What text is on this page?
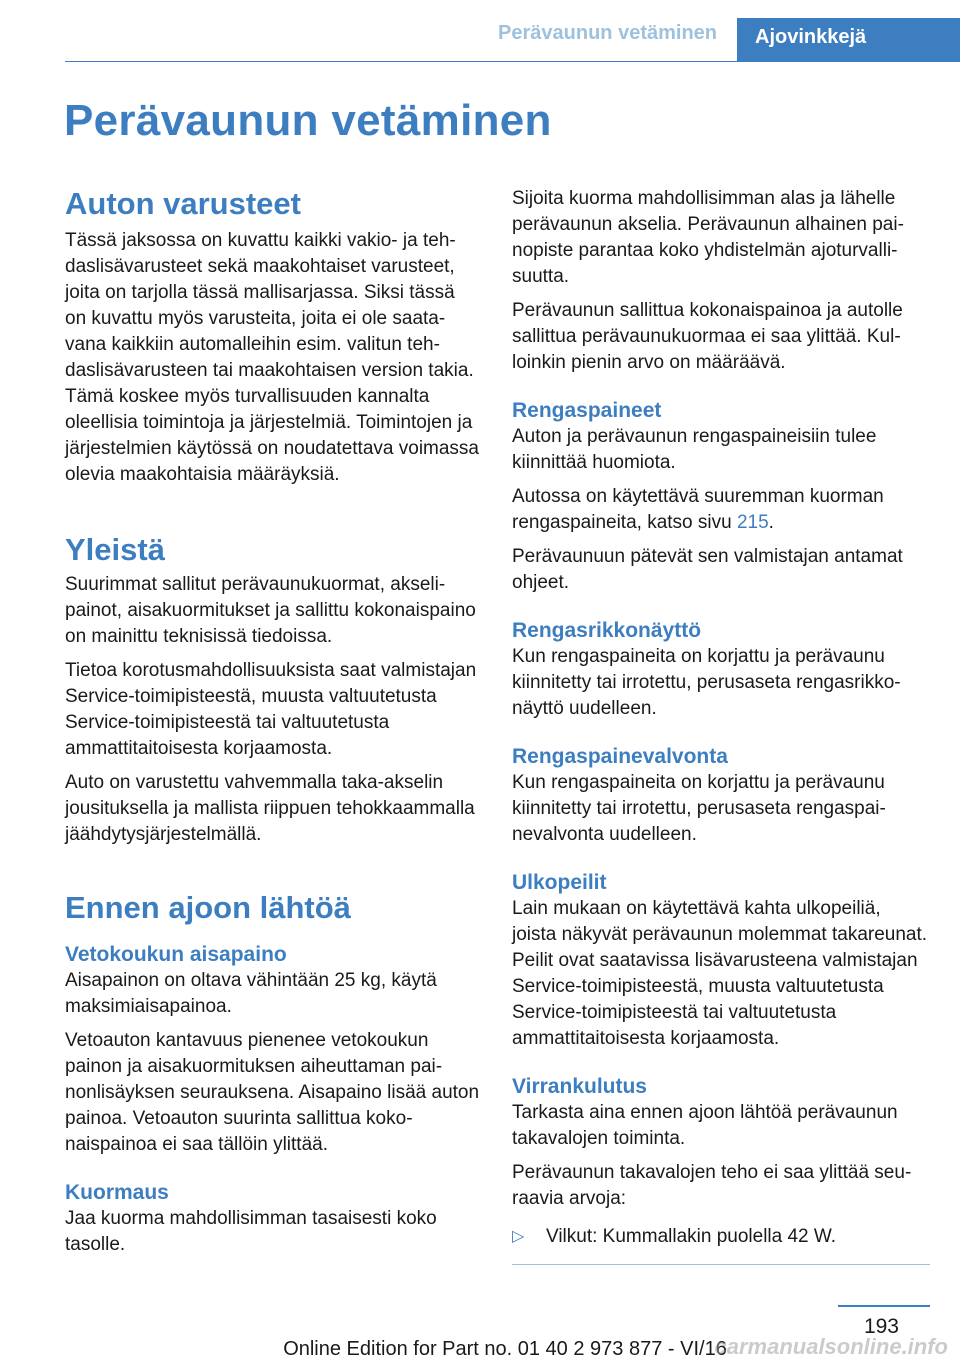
Perävaunun vetäminen	Ajovinkkejä
Perävaunun vetäminen
Auton varusteet

Tässä jaksossa on kuvattu kaikki vakio- ja tehdaslisävarusteet sekä maakohtaiset varusteet, joita on tarjolla tässä mallisarjassa. Siksi tässä on kuvattu myös varusteita, joita ei ole saatavana kaikkiin automalleihin esim. valitun tehdaslisävarusteen tai maakohtaisen version takia. Tämä koskee myös turvallisuuden kannalta oleellisia toimintoja ja järjestelmiä. Toimintojen ja järjestelmien käytössä on noudatettava voimassa olevia maakohtaisia määräyksiä.

Yleistä

Suurimmat sallitut perävaunukuormat, akselipainot, aisakuormitukset ja sallittu kokonaispaino on mainittu teknisissä tiedoissa.

Tietoa korotusmahdollisuuksista saat valmistajan Service-toimipisteestä, muusta valtuutetusta Service-toimipisteestä tai valtuutetusta ammattitaitoisesta korjaamosta.

Auto on varustettu vahvemmalla taka-akselin jousituksella ja mallista riippuen tehokkaammalla jäähdytysjärjestelmällä.

Ennen ajoon lähtöä
Vetokoukun aisapaino

Aisapainon on oltava vähintään 25 kg, käytä maksimiaisapainoa.

Vetoauton kantavuus pienenee vetokoukun painon ja aisakuormituksen aiheuttaman painonlisäyksen seurauksena. Aisapaino lisää auton painoa. Vetoauton suurinta sallittua kokonaispainoa ei saa tällöin ylittää.

Kuormaus

Jaa kuorma mahdollisimman tasaisesti koko tasolle.

Sijoita kuorma mahdollisimman alas ja lähelle perävaunun akselia. Perävaunun alhainen painopiste parantaa koko yhdistelmän ajoturvallisuutta.

Perävaunun sallittua kokonaispainoa ja autolle sallittua perävaunukuormaa ei saa ylittää. Kulloinkin pienin arvo on määräävä.

Rengaspaineet

Auton ja perävaunun rengaspaineisiin tulee kiinnittää huomiota.

Autossa on käytettävä suuremman kuorman rengaspaineita, katso sivu 215.

Perävaunuun pätevät sen valmistajan antamat ohjeet.

Rengasrikkonäyttö

Kun rengaspaineita on korjattu ja perävaunu kiinnitetty tai irrotettu, perusaseta rengasrikkonäyttö uudelleen.

Rengaspainevalvonta

Kun rengaspaineita on korjattu ja perävaunu kiinnitetty tai irrotettu, perusaseta rengaspainevalvonta uudelleen.

Ulkopeilit

Lain mukaan on käytettävä kahta ulkopeiliä, joista näkyvät perävaunun molemmat takareunat. Peilit ovat saatavissa lisävarusteena valmistajan Service-toimipisteestä, muusta valtuutetusta Service-toimipisteestä tai valtuutetusta ammattitaitoisesta korjaamosta.

Virrankulutus

Tarkasta aina ennen ajoon lähtöä perävaunun takavalojen toiminta.

Perävaunun takavalojen teho ei saa ylittää seuraavia arvoja:

▷	Vilkut: Kummallakin puolella 42 W.
193
Online Edition for Part no. 01 40 2 973 877 - VI/16
carmanualsonline.info
